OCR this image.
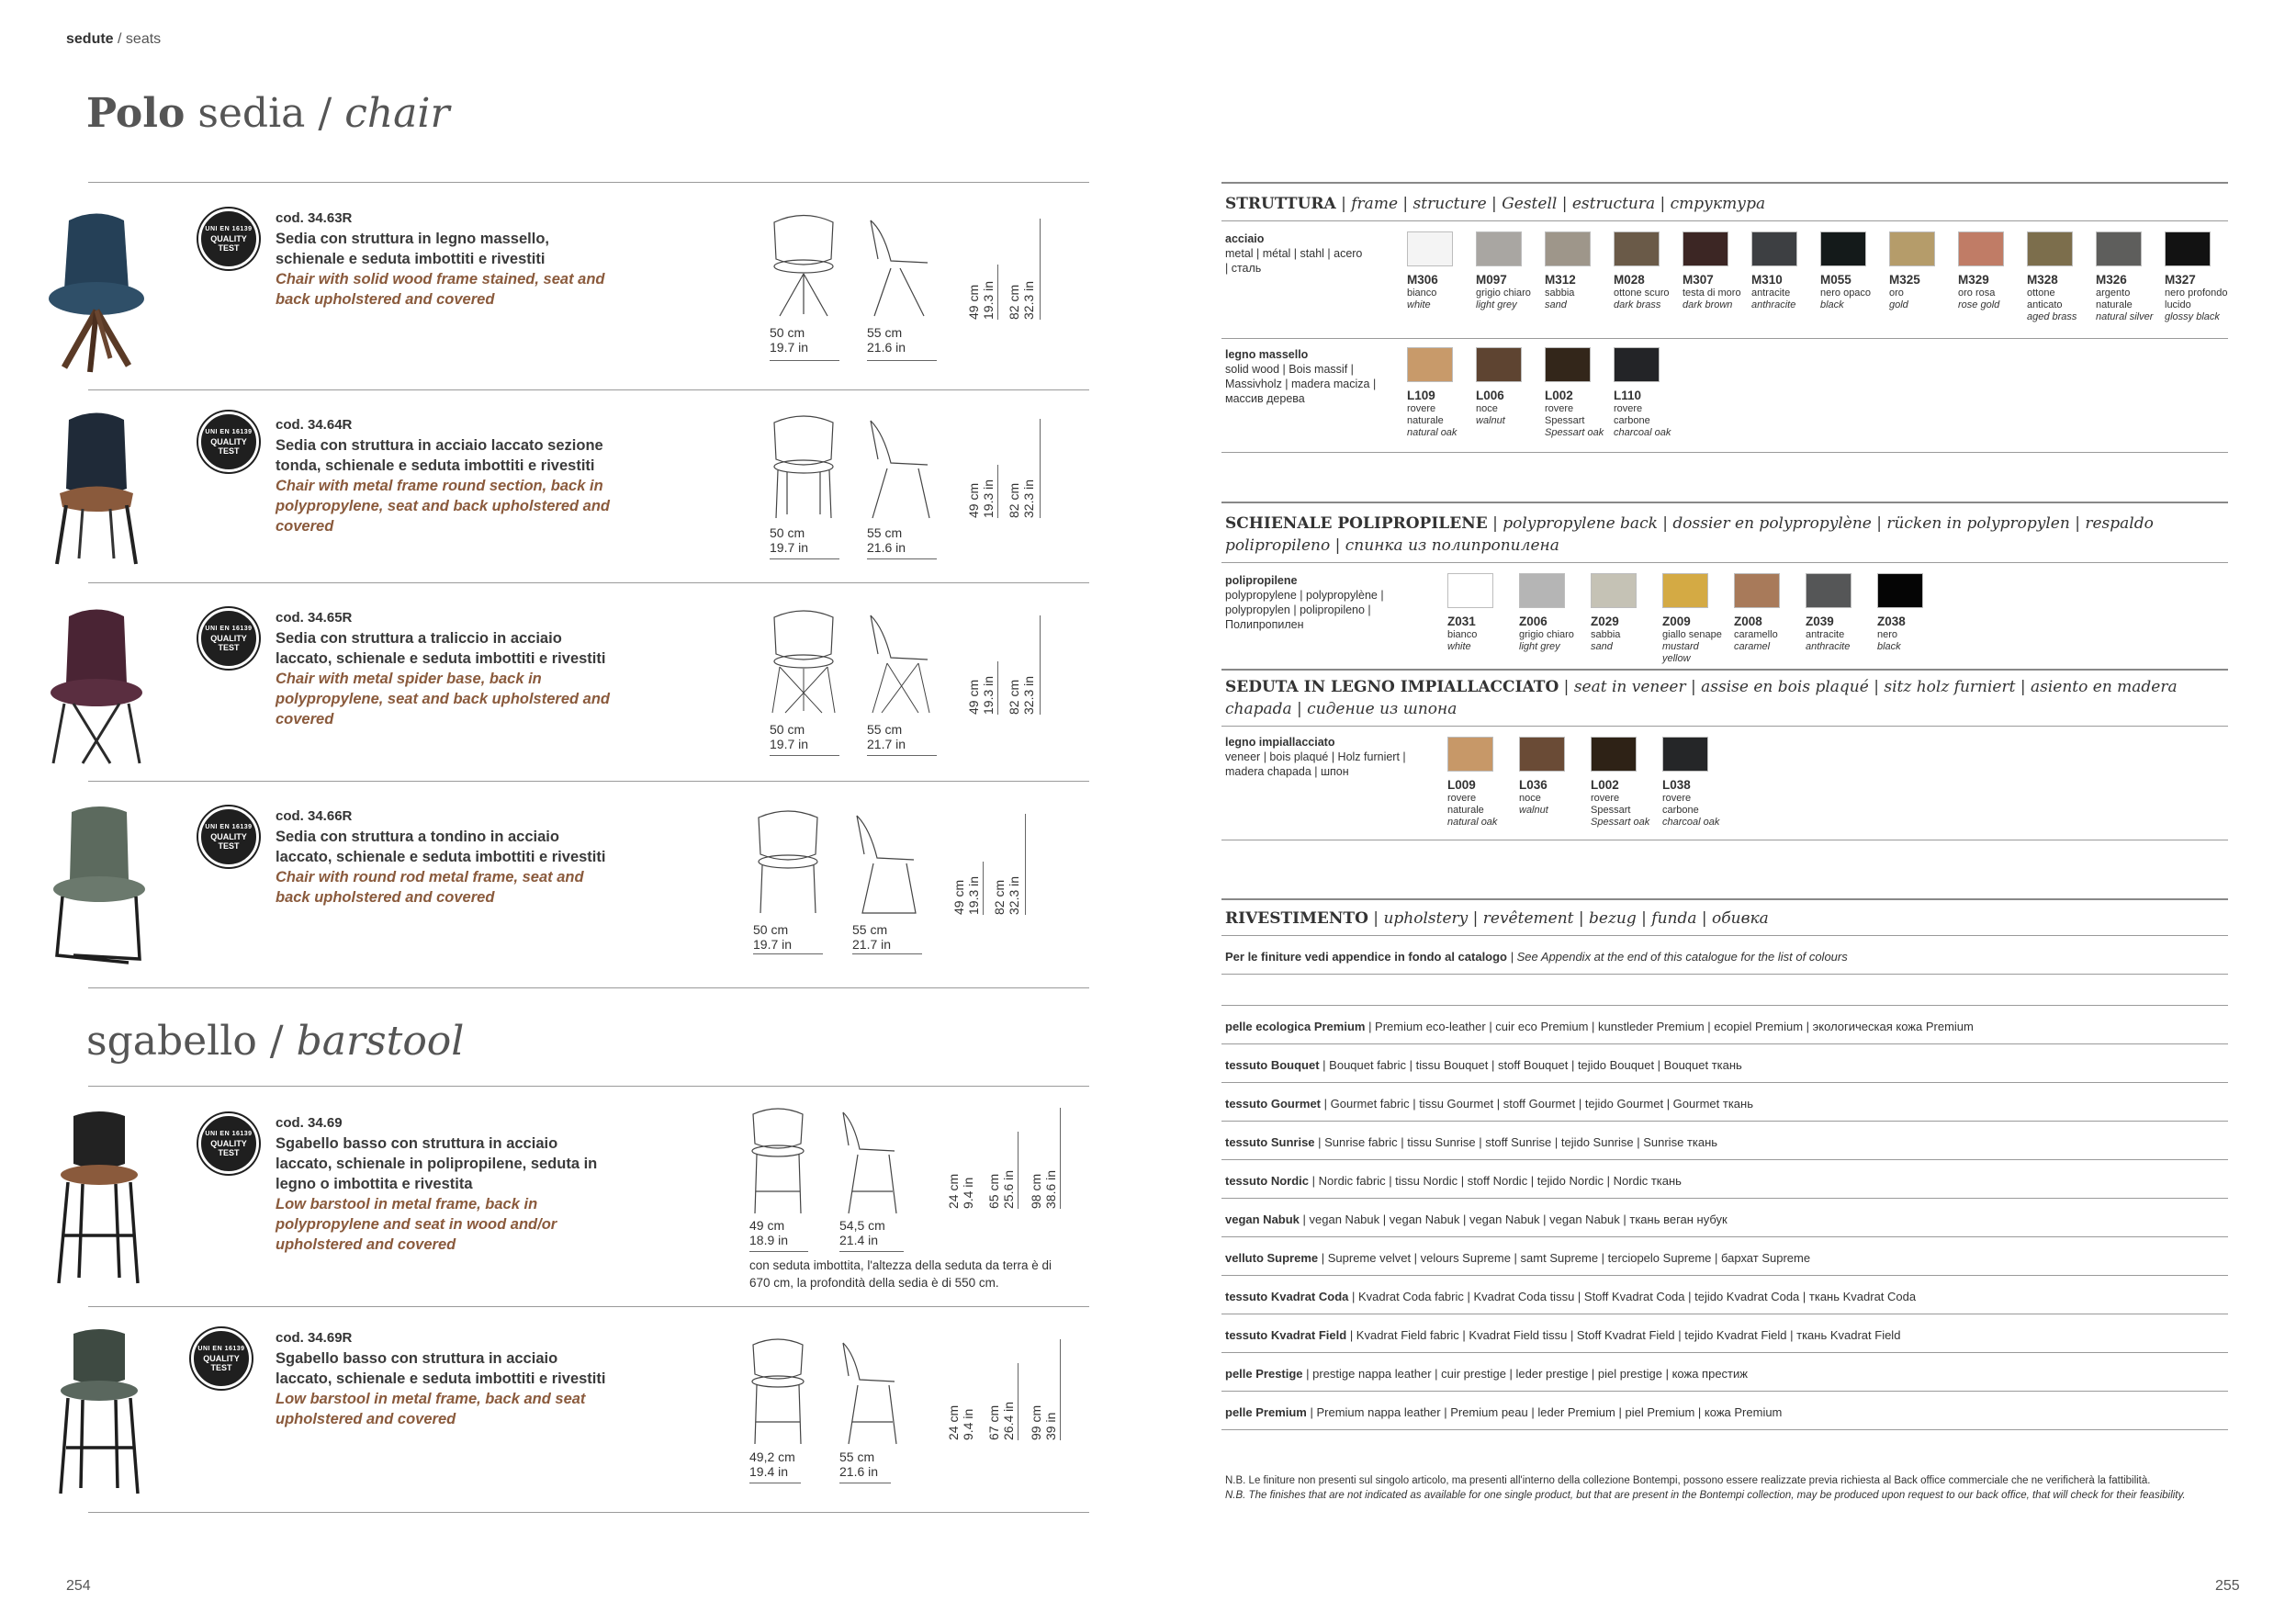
sedute / seats
Polo sedia / chair
sgabello / barstool
UNI EN 16139
QUALITY TEST
cod. 34.63R
Sedia con struttura in legno massello, schienale e seduta imbottiti e rivestiti
Chair with solid wood frame stained, seat and back upholstered and covered
50 cm
19.7 in
55 cm
21.6 in
49 cm 19.3 in 82 cm 32.3 in
UNI EN 16139
QUALITY TEST
cod. 34.64R
Sedia con struttura in acciaio laccato sezione tonda, schienale e seduta imbottiti e rivestiti
Chair with metal frame round section, back in polypropylene, seat and back upholstered and covered	50 cm
19.7 in
55 cm
21.6 in
49 cm 19.3 in 82 cm 32.3 in
UNI EN 16139
QUALITY TEST
cod. 34.65R
Sedia con struttura a traliccio in acciaio laccato, schienale e seduta imbottiti e rivestiti
Chair with metal spider base, back in polypropylene, seat and back upholstered and covered
50 cm
19.7 in
55 cm
21.7 in
49 cm 19.3 in 82 cm 32.3 in
UNI EN 16139
QUALITY TEST
cod. 34.66R
Sedia con struttura a tondino in acciaio laccato, schienale e seduta imbottiti e rivestiti
Chair with round rod metal frame, seat and back upholstered and covered
50 cm
19.7 in
55 cm
21.7 in
49 cm 19.3 in 82 cm 32.3 in
UNI EN 16139
QUALITY TEST
cod. 34.69
Sgabello basso con struttura in acciaio laccato, schienale in polipropilene, seduta in legno o imbottita e rivestita
Low barstool in metal frame, back in polypropylene and seat in wood and/or upholstered and covered
49 cm
18.9 in
54,5 cm
21.4 in
24 cm 9.4 in 65 cm 25.6 in 98 cm 38.6 in
con seduta imbottita, l'altezza della seduta da terra è di 670 cm, la profondità della sedia è di 550 cm.
UNI EN 16139
QUALITY TEST
cod. 34.69R
Sgabello basso con struttura in acciaio laccato, schienale e seduta imbottiti e rivestiti
Low barstool in metal frame, back and seat upholstered and covered
49,2 cm
19.4 in
55 cm
21.6 in
24 cm 9.4 in 67 cm 26.4 in 99 cm 39 in
254
STRUTTURA | frame | structure | Gestell | estructura | структура
acciaio
metal | métal | stahl | acero | сталь
M306
bianco
white
M097
grigio chiaro
light grey
M312
sabbia
sand
M028
ottone scuro
dark brass
M307
testa di moro
dark brown
M310
antracite
anthracite
M055
nero opaco
black
M325
oro
gold
M329
oro rosa
rose gold
M328
ottone anticato
aged brass
M326
argento naturale
natural silver
M327
nero profondo lucido
glossy black
legno massello
solid wood | Bois massif | Massivholz | madera maciza | массив дерева	L109
rovere naturale
natural oak
L006
noce
walnut
L002
rovere Spessart
Spessart oak
L110
rovere carbone
charcoal oak
SCHIENALE POLIPROPILENE | polypropylene back | dossier en polypropylène | rücken in polypropylen | respaldo polipropileno | спинка из полипропилена
polipropilene
polypropylene | polypropylène | polypropylen | polipropileno | Полипропилен	Z031
bianco
white
Z006
grigio chiaro
light grey
Z029
sabbia
sand
Z009
giallo senape
mustard yellow
Z008
caramello
caramel
Z039
antracite
anthracite
Z038
nero
black
SEDUTA IN LEGNO IMPIALLACCIATO | seat in veneer | assise en bois plaqué | sitz holz furniert | asiento en madera chapada | сидение из шпона
legno impiallacciato
veneer | bois plaqué | Holz furniert | madera chapada | шпон
L009
rovere naturale
natural oak
L036
noce
walnut
L002
rovere Spessart
Spessart oak
L038
rovere carbone
charcoal oak
RIVESTIMENTO | upholstery | revêtement | bezug | funda | обивка
Per le finiture vedi appendice in fondo al catalogo | See Appendix at the end of this catalogue for the list of colours
pelle ecologica Premium | Premium eco-leather | cuir eco Premium | kunstleder Premium | ecopiel Premium | экологическая кожа Premium
tessuto Bouquet | Bouquet fabric | tissu Bouquet | stoff Bouquet | tejido Bouquet | Bouquet ткань
tessuto Gourmet | Gourmet fabric | tissu Gourmet | stoff Gourmet | tejido Gourmet | Gourmet ткань
tessuto Sunrise | Sunrise fabric | tissu Sunrise | stoff Sunrise | tejido Sunrise | Sunrise ткань
tessuto Nordic | Nordic fabric | tissu Nordic | stoff Nordic | tejido Nordic | Nordic ткань
vegan Nabuk | vegan Nabuk | vegan Nabuk | vegan Nabuk | vegan Nabuk | ткань веган нубук
velluto Supreme | Supreme velvet | velours Supreme | samt Supreme | terciopelo Supreme | бархат Supreme
tessuto Kvadrat Coda | Kvadrat Coda fabric | Kvadrat Coda tissu | Stoff Kvadrat Coda | tejido Kvadrat Coda | ткань Kvadrat Coda
tessuto Kvadrat Field | Kvadrat Field fabric | Kvadrat Field tissu | Stoff Kvadrat Field | tejido Kvadrat Field | ткань Kvadrat Field
pelle Prestige | prestige nappa leather | cuir prestige | leder prestige | piel prestige | кожа престиж
pelle Premium | Premium nappa leather | Premium peau | leder Premium | piel Premium | кожа Premium
N.B. Le finiture non presenti sul singolo articolo, ma presenti all'interno della collezione Bontempi, possono essere realizzate previa richiesta al Back office commerciale che ne verificherà la fattibilità.
N.B. The finishes that are not indicated as available for one single product, but that are present in the Bontempi collection, may be produced upon request to our back office, that will check for their feasibility.
255
